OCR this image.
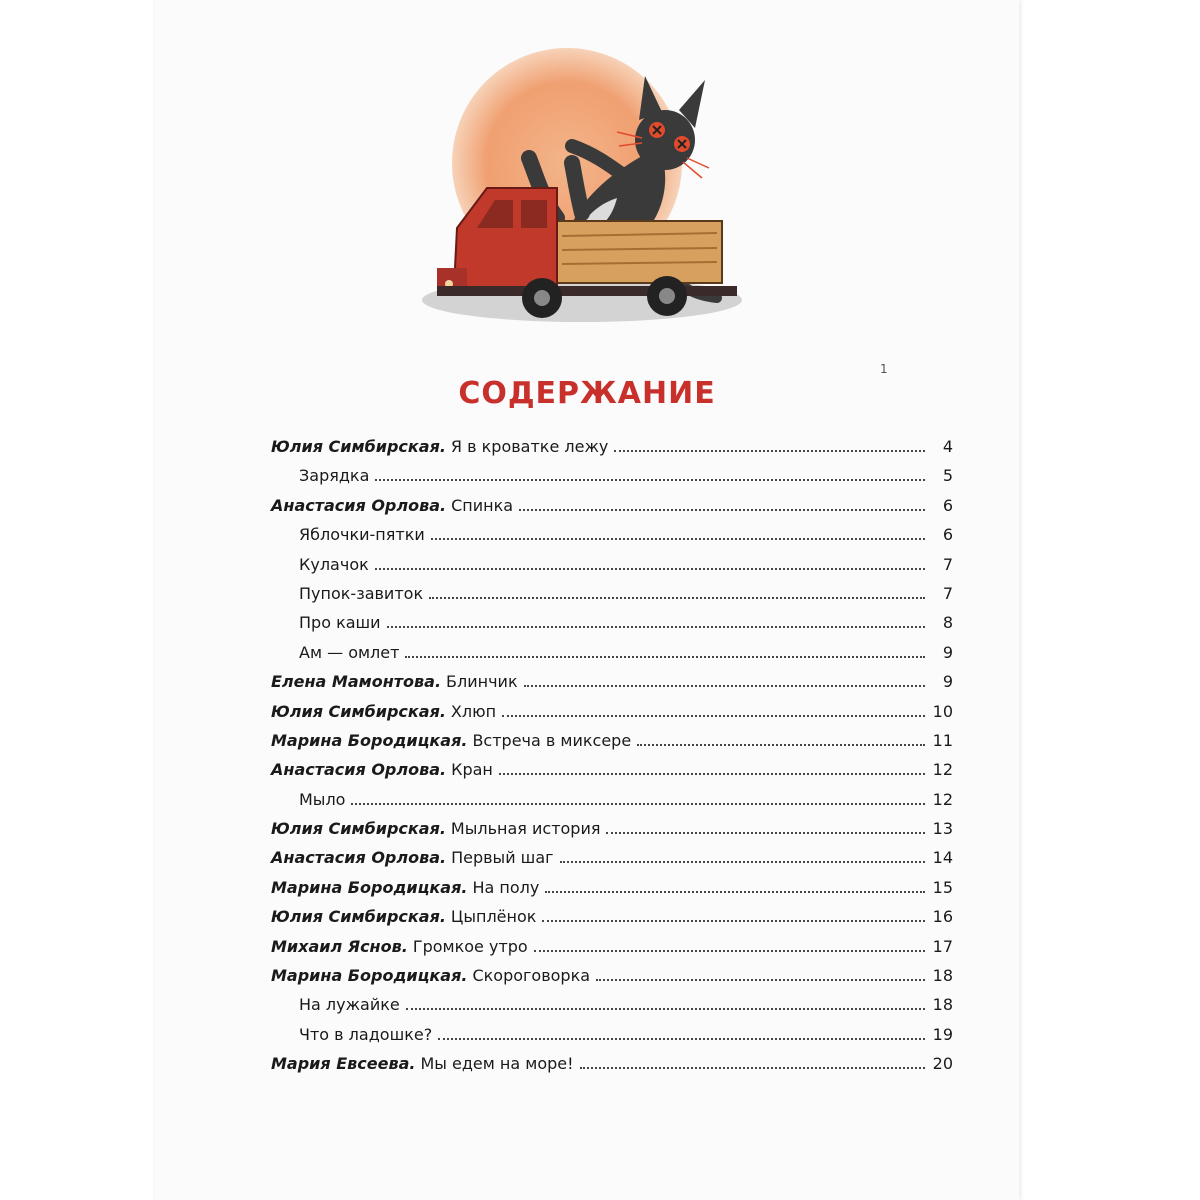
1
СОДЕРЖАНИЕ
Юлия Симбирская. Я в кроватке лежу	4
Зарядка	5
Анастасия Орлова. Спинка	6
Яблочки-пятки	6
Кулачок	7
Пупок-завиток	7
Про каши	8
Ам — омлет	9
Елена Мамонтова. Блинчик	9
Юлия Симбирская. Хлюп	10
Марина Бородицкая. Встреча в миксере	11
Анастасия Орлова. Кран	12
Мыло	12
Юлия Симбирская. Мыльная история	13
Анастасия Орлова. Первый шаг	14
Марина Бородицкая. На полу	15
Юлия Симбирская. Цыплёнок	16
Михаил Яснов. Громкое утро	17
Марина Бородицкая. Скороговорка	18
На лужайке	18
Что в ладошке?	19
Мария Евсеева. Мы едем на море!	20
